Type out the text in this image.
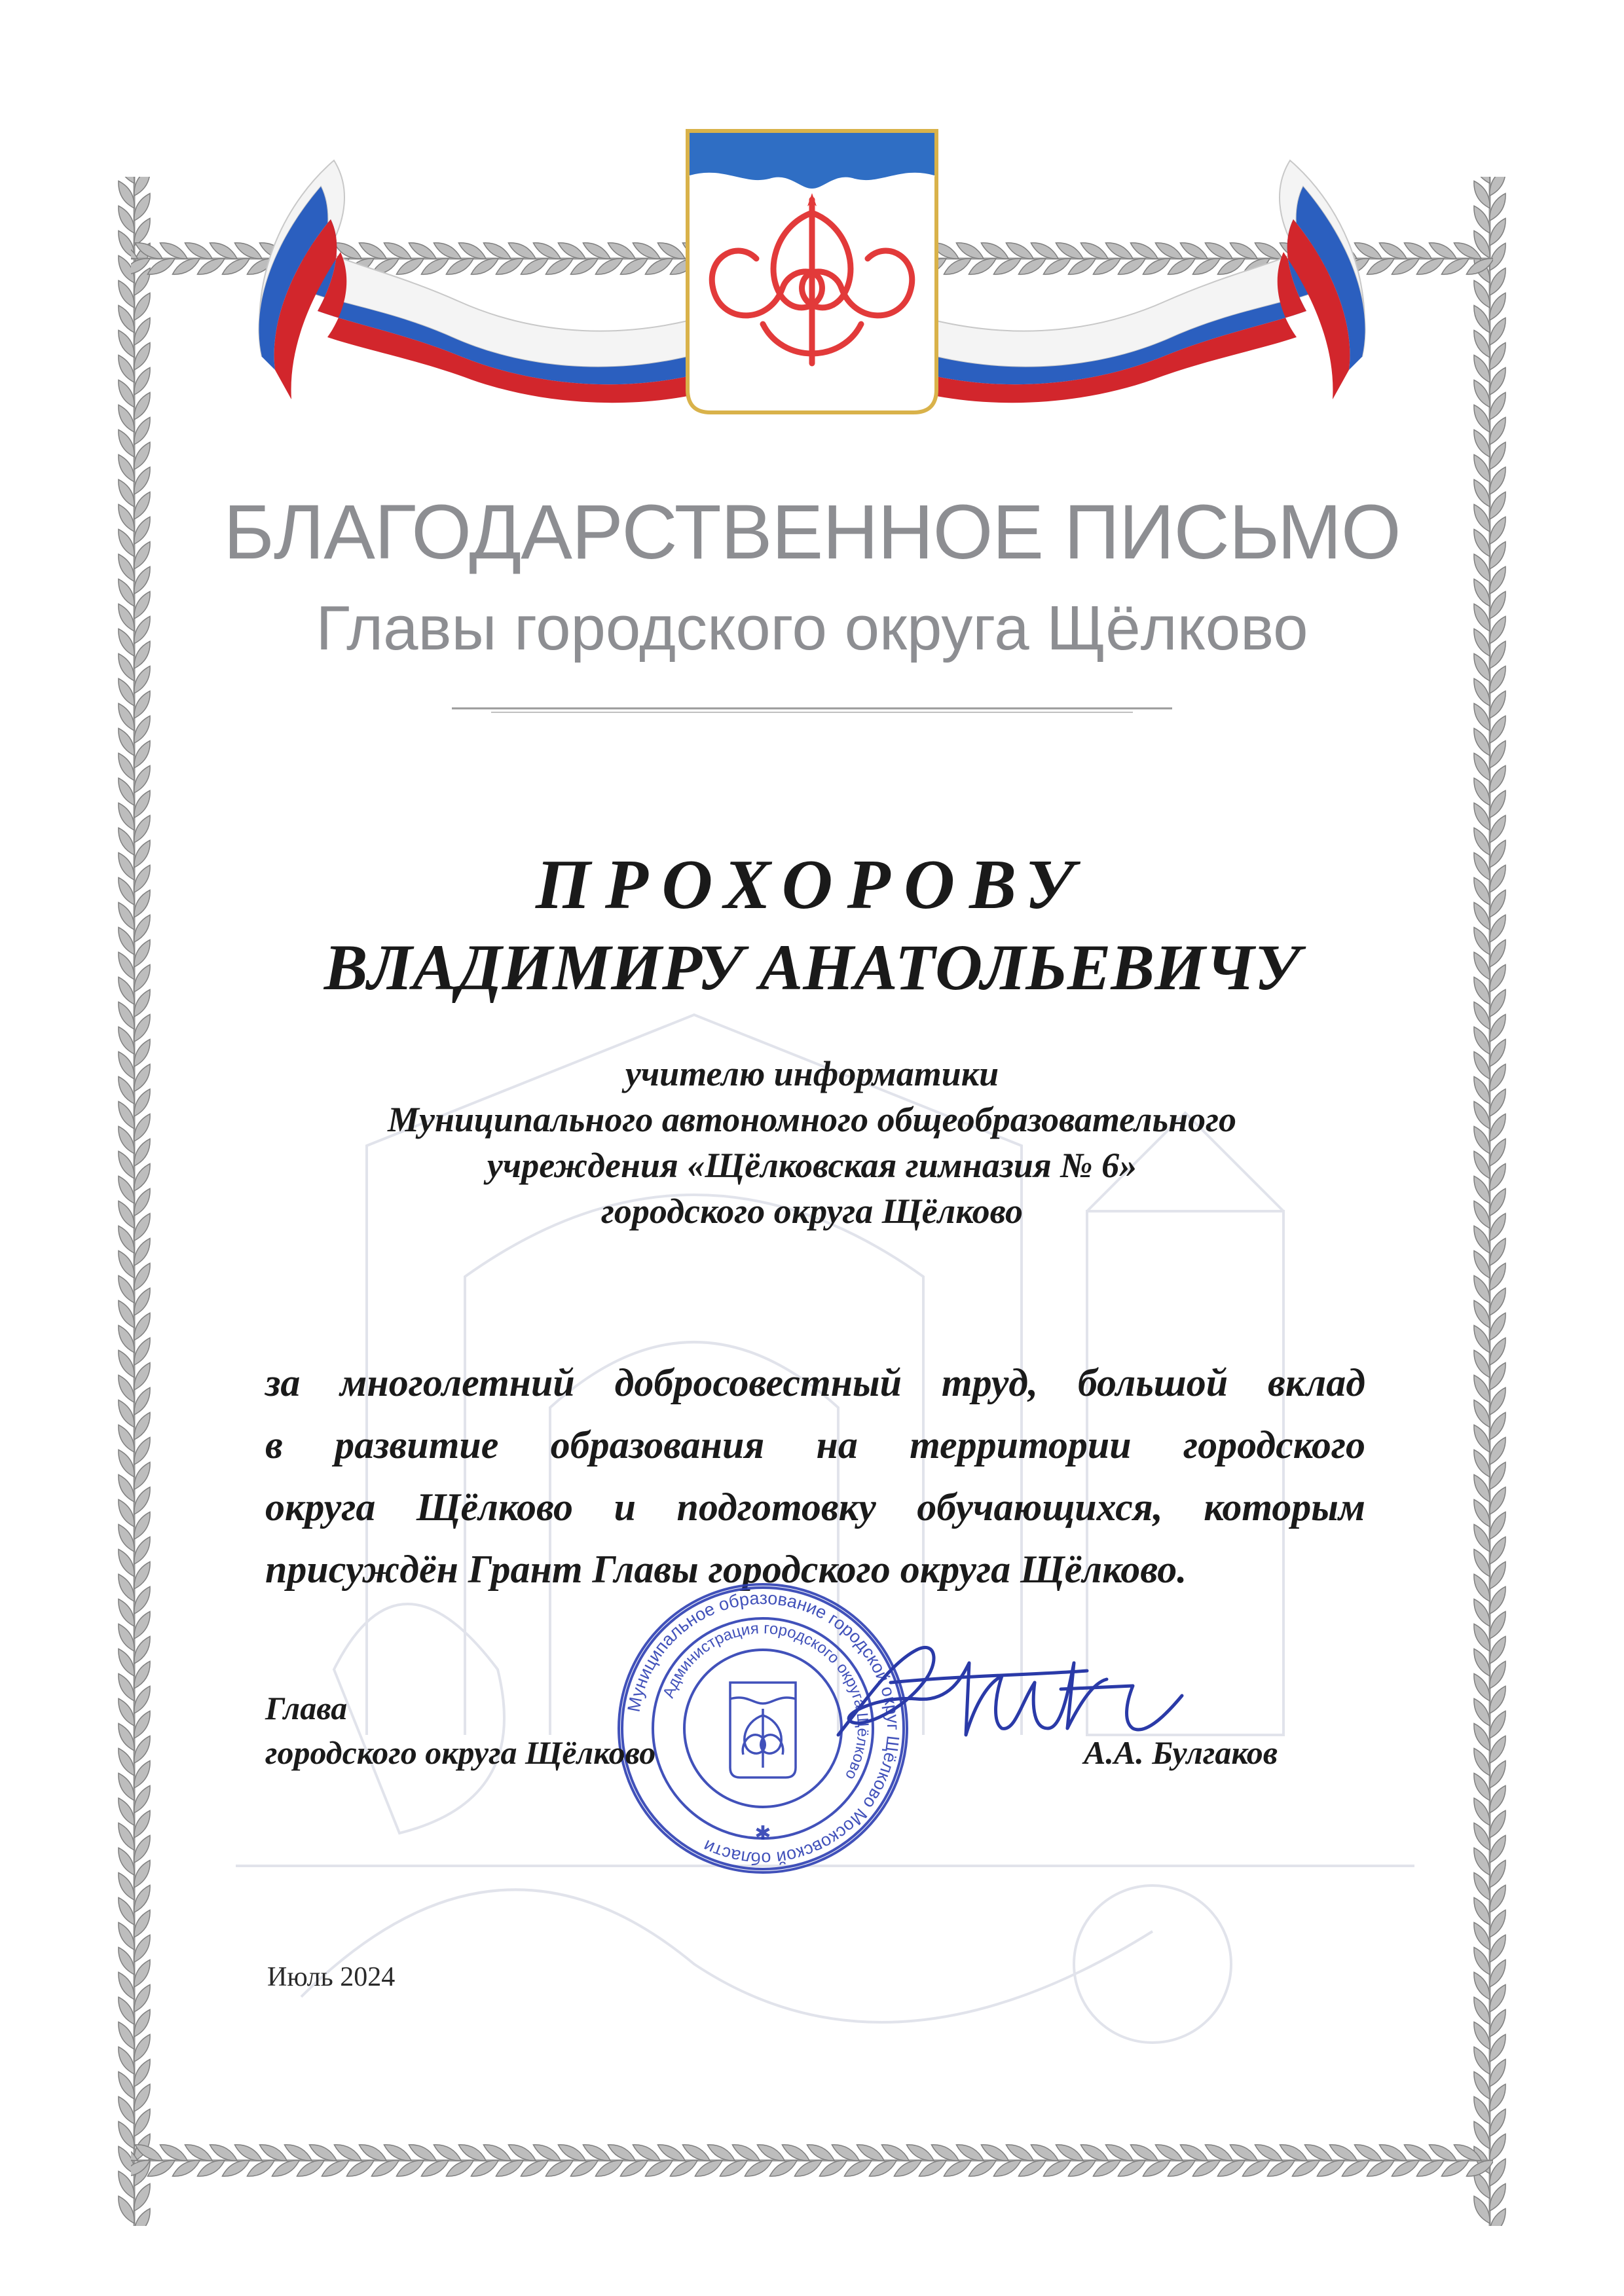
БЛАГОДАРСТВЕННОЕ ПИСЬМО
Главы городского округа Щёлково
ПРОХОРОВУ
ВЛАДИМИРУ АНАТОЛЬЕВИЧУ
учителю информатики
Муниципального автономного общеобразовательного
учреждения «Щёлковская гимназия № 6»
городского округа Щёлково
за многолетний добросовестный труд, большой вклад
в развитие образования на территории городского
округа Щёлково и подготовку обучающихся, которым
присуждён Грант Главы городского округа Щёлково.
Муниципальное образование городской округ Щёлково Московской области
Администрация городского округа Щёлково
✱
Глава
городского округа Щёлково	А.А. Булгаков
Июль 2024
